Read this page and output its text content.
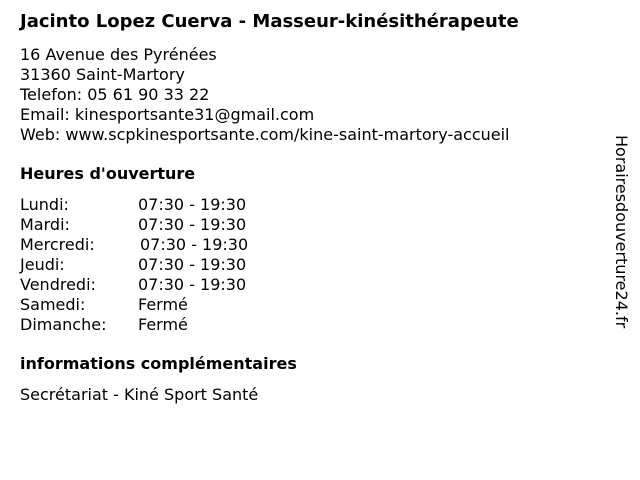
Jacinto Lopez Cuerva - Masseur-kinésithérapeute
16 Avenue des Pyrénées
31360 Saint-Martory
Telefon: 05 61 90 33 22
Email: kinesportsante31@gmail.com
Web: www.scpkinesportsante.com/kine-saint-martory-accueil
Heures d'ouverture
Lundi:	07:30 - 19:30
Mardi:	07:30 - 19:30
Mercredi:	07:30 - 19:30
Jeudi:	07:30 - 19:30
Vendredi:	07:30 - 19:30
Samedi:	Fermé
Dimanche: Fermé
informations complémentaires
Secrétariat - Kiné Sport Santé
Horairesdouverture24.fr
